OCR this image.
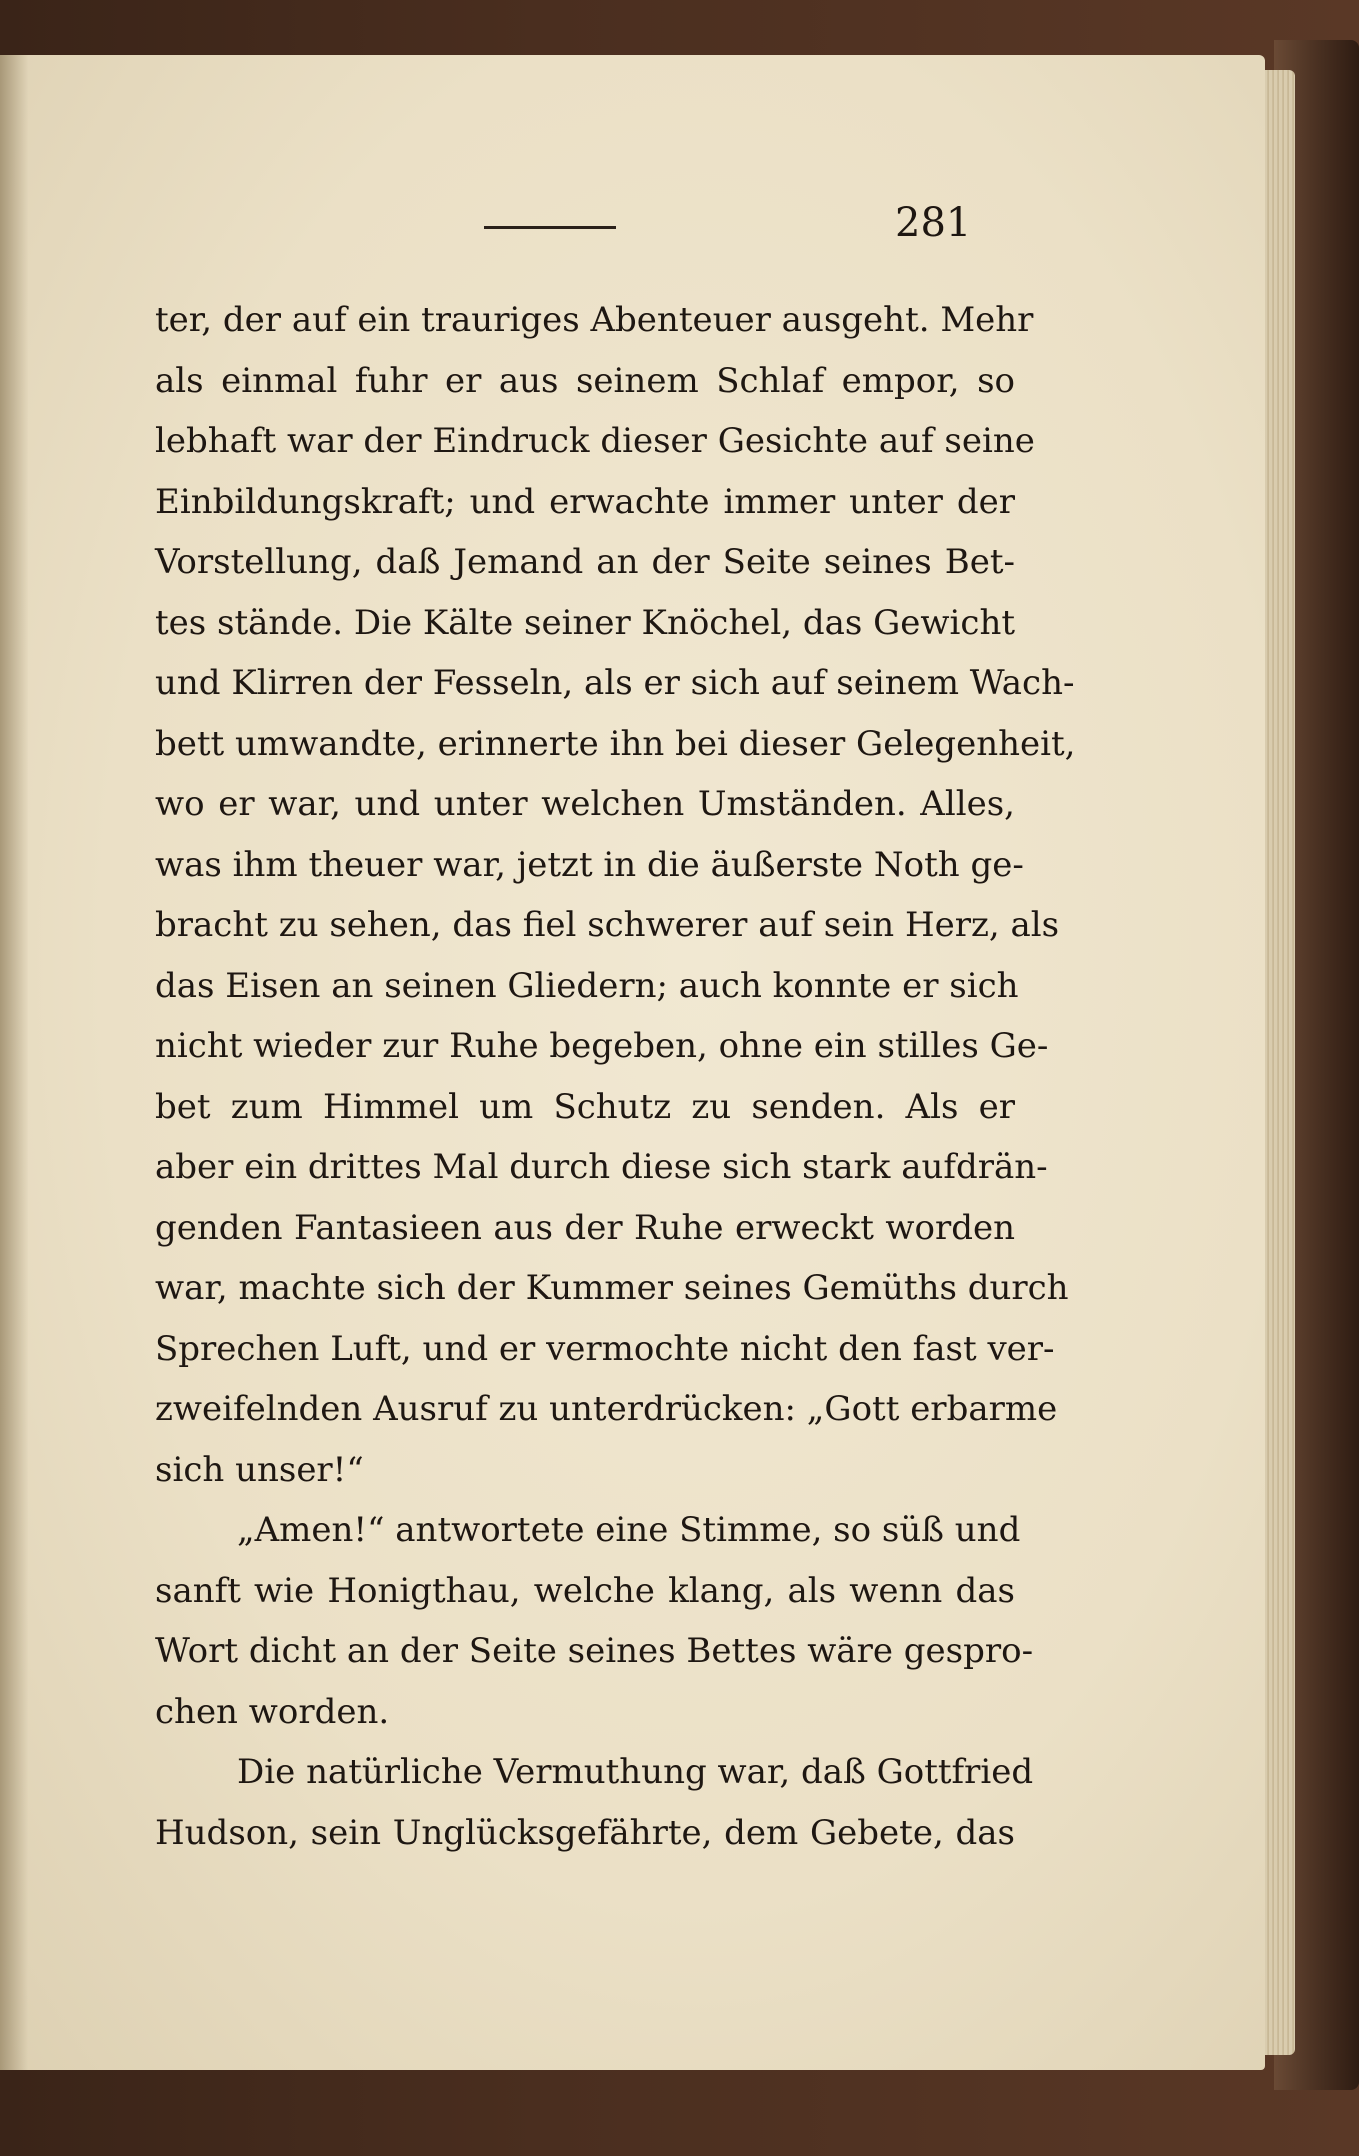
281
ter, der auf ein trauriges Abenteuer ausgeht. Mehr
als einmal fuhr er aus seinem Schlaf empor, so
lebhaft war der Eindruck dieser Gesichte auf seine
Einbildungskraft; und erwachte immer unter der
Vorstellung, daß Jemand an der Seite seines Bet-
tes stände. Die Kälte seiner Knöchel, das Gewicht
und Klirren der Fesseln, als er sich auf seinem Wach-
bett umwandte, erinnerte ihn bei dieser Gelegenheit,
wo er war, und unter welchen Umständen. Alles,
was ihm theuer war, jetzt in die äußerste Noth ge-
bracht zu sehen, das fiel schwerer auf sein Herz, als
das Eisen an seinen Gliedern; auch konnte er sich
nicht wieder zur Ruhe begeben, ohne ein stilles Ge-
bet zum Himmel um Schutz zu senden. Als er
aber ein drittes Mal durch diese sich stark aufdrän-
genden Fantasieen aus der Ruhe erweckt worden
war, machte sich der Kummer seines Gemüths durch
Sprechen Luft, und er vermochte nicht den fast ver-
zweifelnden Ausruf zu unterdrücken: „Gott erbarme
sich unser!“
„Amen!“ antwortete eine Stimme, so süß und
sanft wie Honigthau, welche klang, als wenn das
Wort dicht an der Seite seines Bettes wäre gespro-
chen worden.
Die natürliche Vermuthung war, daß Gottfried
Hudson, sein Unglücksgefährte, dem Gebete, das
